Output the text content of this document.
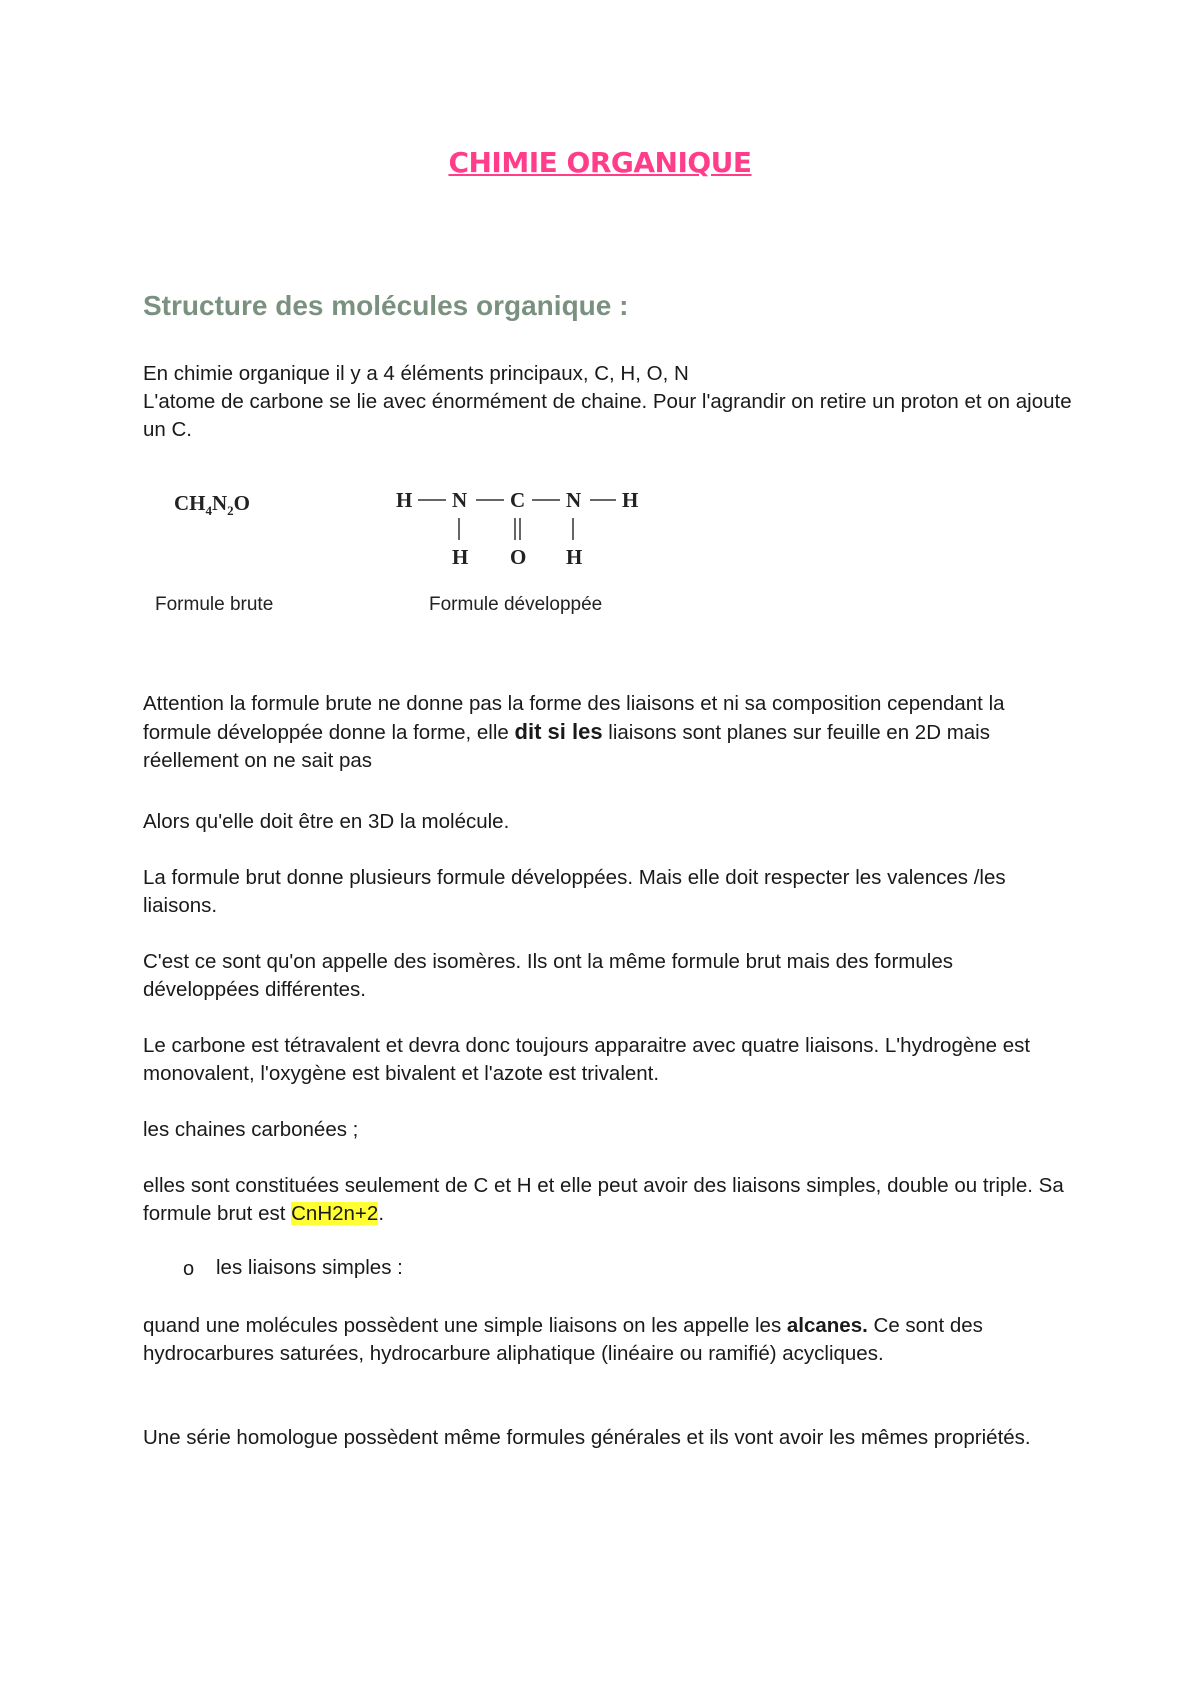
CHIMIE ORGANIQUE
Structure des molécules organique :
En chimie organique il y a 4 éléments principaux, C, H, O, N
L'atome de carbone se lie avec énormément de chaine. Pour l'agrandir on retire un proton et on ajoute un C.
$CH_4N_2O$	H N C N H
H O H
Formule brute	Formule développée
Attention la formule brute ne donne pas la forme des liaisons et ni sa composition cependant la formule développée donne la forme, elle dit si les liaisons sont planes sur feuille en 2D mais réellement on ne sait pas
Alors qu'elle doit être en 3D la molécule.
La formule brut donne plusieurs formule développées. Mais elle doit respecter les valences /les liaisons.
C'est ce sont qu'on appelle des isomères. Ils ont la même formule brut mais des formules développées différentes.
Le carbone est tétravalent et devra donc toujours apparaitre avec quatre liaisons. L'hydrogène est monovalent, l'oxygène est bivalent et l'azote est trivalent.
les chaines carbonées ;
elles sont constituées seulement de C et H et elle peut avoir des liaisons simples, double ou triple. Sa formule brut est CnH2n+2.
o les liaisons simples :
quand une molécules possèdent une simple liaisons on les appelle les alcanes. Ce sont des hydrocarbures saturées, hydrocarbure aliphatique (linéaire ou ramifié) acycliques.
Une série homologue possèdent même formules générales et ils vont avoir les mêmes propriétés.
